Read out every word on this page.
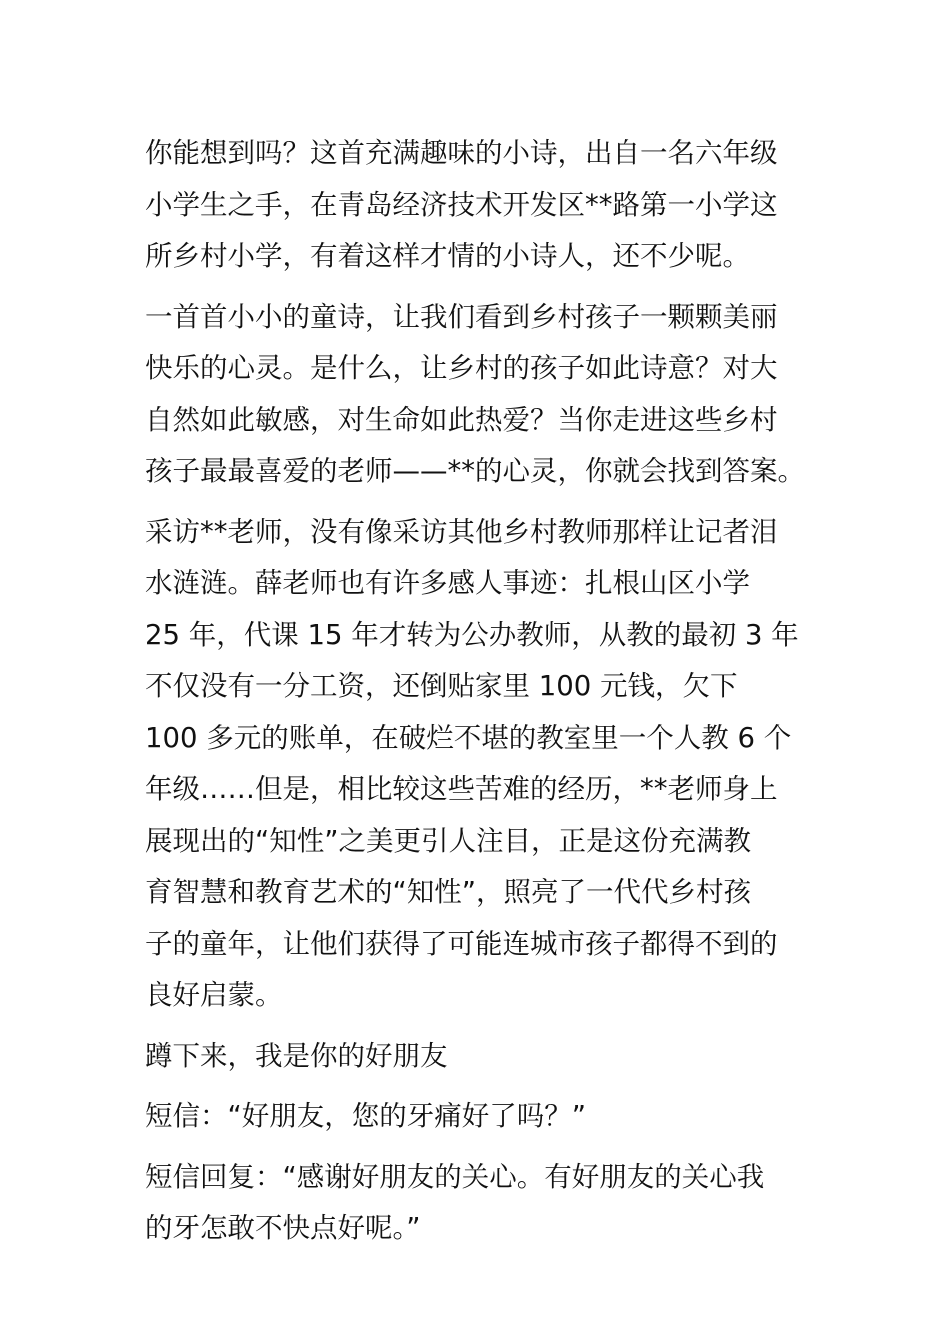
你能想到吗？这首充满趣味的小诗，出自一名六年级
小学生之手，在青岛经济技术开发区**路第一小学这
所乡村小学，有着这样才情的小诗人，还不少呢。
一首首小小的童诗，让我们看到乡村孩子一颗颗美丽
快乐的心灵。是什么，让乡村的孩子如此诗意？对大
自然如此敏感，对生命如此热爱？当你走进这些乡村
孩子最最喜爱的老师——**的心灵，你就会找到答案。
采访**老师，没有像采访其他乡村教师那样让记者泪
水涟涟。薛老师也有许多感人事迹：扎根山区小学
25 年，代课 15 年才转为公办教师，从教的最初 3 年
不仅没有一分工资，还倒贴家里 100 元钱，欠下
100 多元的账单，在破烂不堪的教室里一个人教 6 个
年级……但是，相比较这些苦难的经历，**老师身上
展现出的“知性”之美更引人注目，正是这份充满教
育智慧和教育艺术的“知性”，照亮了一代代乡村孩
子的童年，让他们获得了可能连城市孩子都得不到的
良好启蒙。
蹲下来，我是你的好朋友
短信：“好朋友，您的牙痛好了吗？”
短信回复：“感谢好朋友的关心。有好朋友的关心我
的牙怎敢不快点好呢。”
